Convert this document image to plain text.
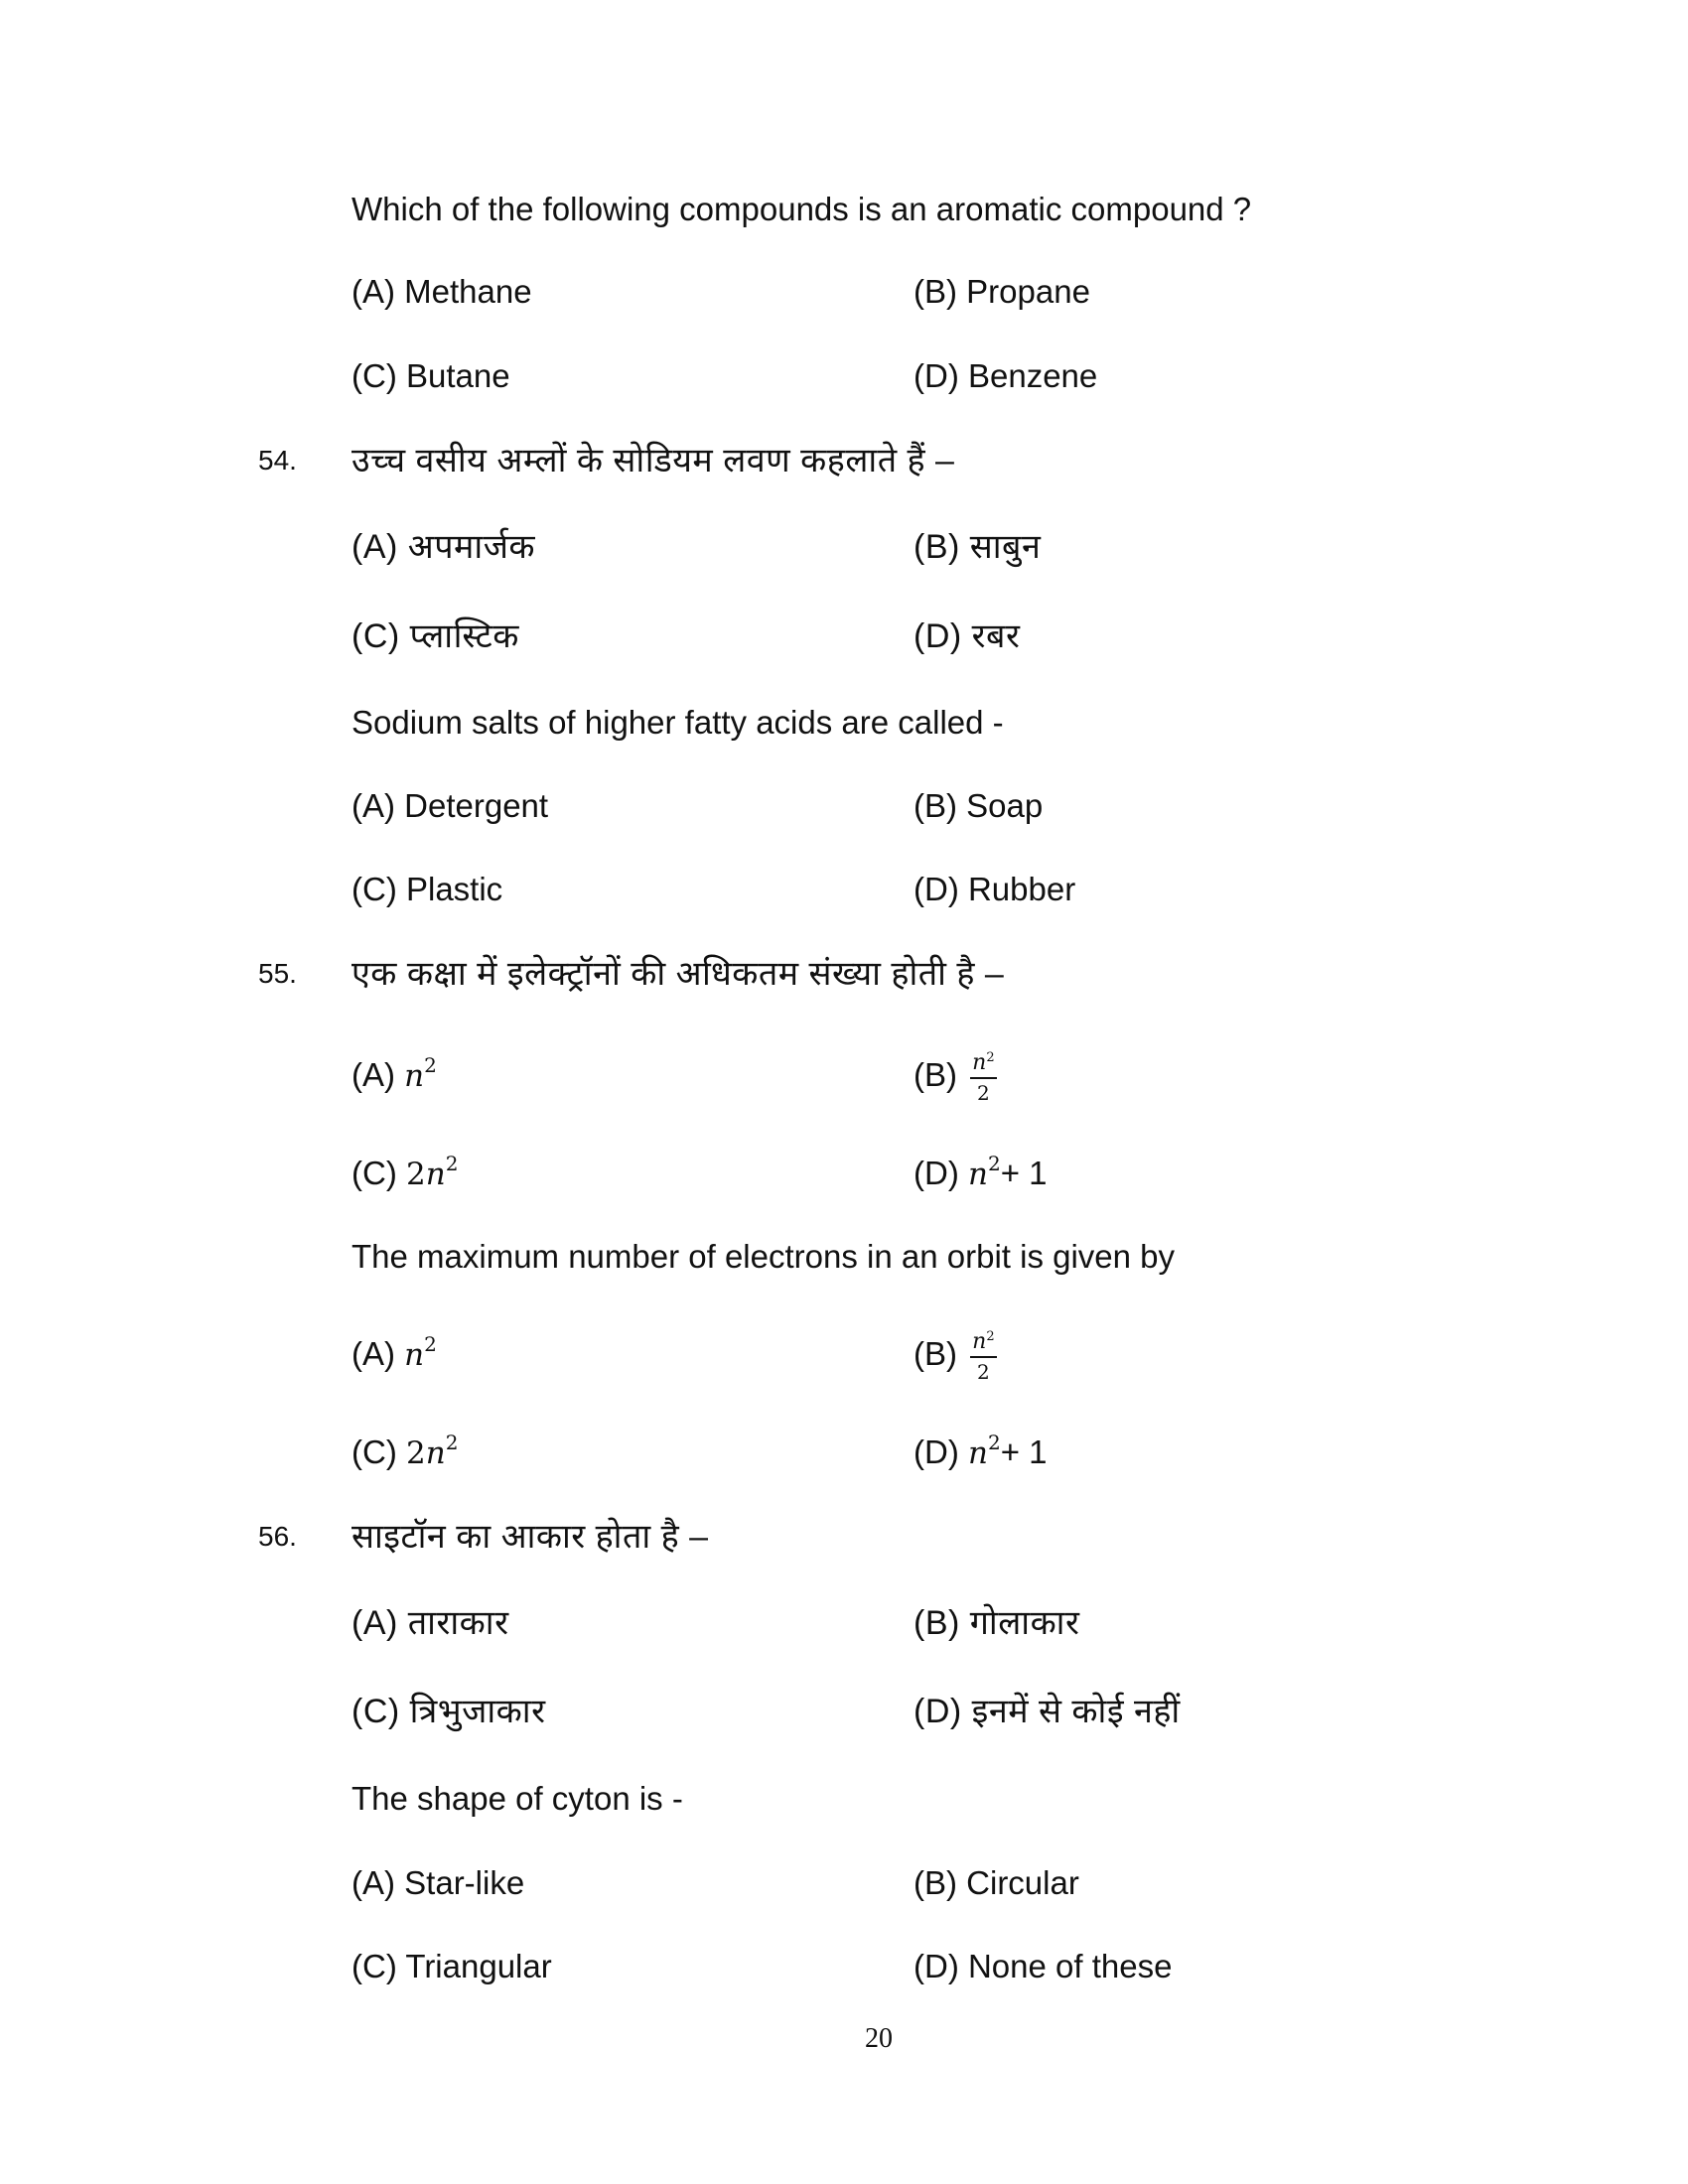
Which of the following compounds is an aromatic compound ?
(A) Methane	(B) Propane
(C) Butane	(D) Benzene
54. उच्च वसीय अम्लों के सोडियम लवण कहलाते हैं –
(A) अपमार्जक	(B) साबुन
(C) प्लास्टिक	(D) रबर
Sodium salts of higher fatty acids are called -
(A) Detergent	(B) Soap
(C) Plastic	(D) Rubber
55. एक कक्षा में इलेक्ट्रॉनों की अधिकतम संख्या होती है –
(A) $n^2$	$(B) \frac{n^2}{2}$
(C) $2n^2$	(D) $n^2+ 1$
The maximum number of electrons in an orbit is given by
(A) $n^2$	$(B) \frac{n^2}{2}$
(C) $2n^2$	(D) $n^2+ 1$
56. साइटॉन का आकार होता है –
(A) ताराकार	(B) गोलाकार
(C) त्रिभुजाकार	(D) इनमें से कोई नहीं
The shape of cyton is -
(A) Star-like	(B) Circular
(C) Triangular	(D) None of these
20
